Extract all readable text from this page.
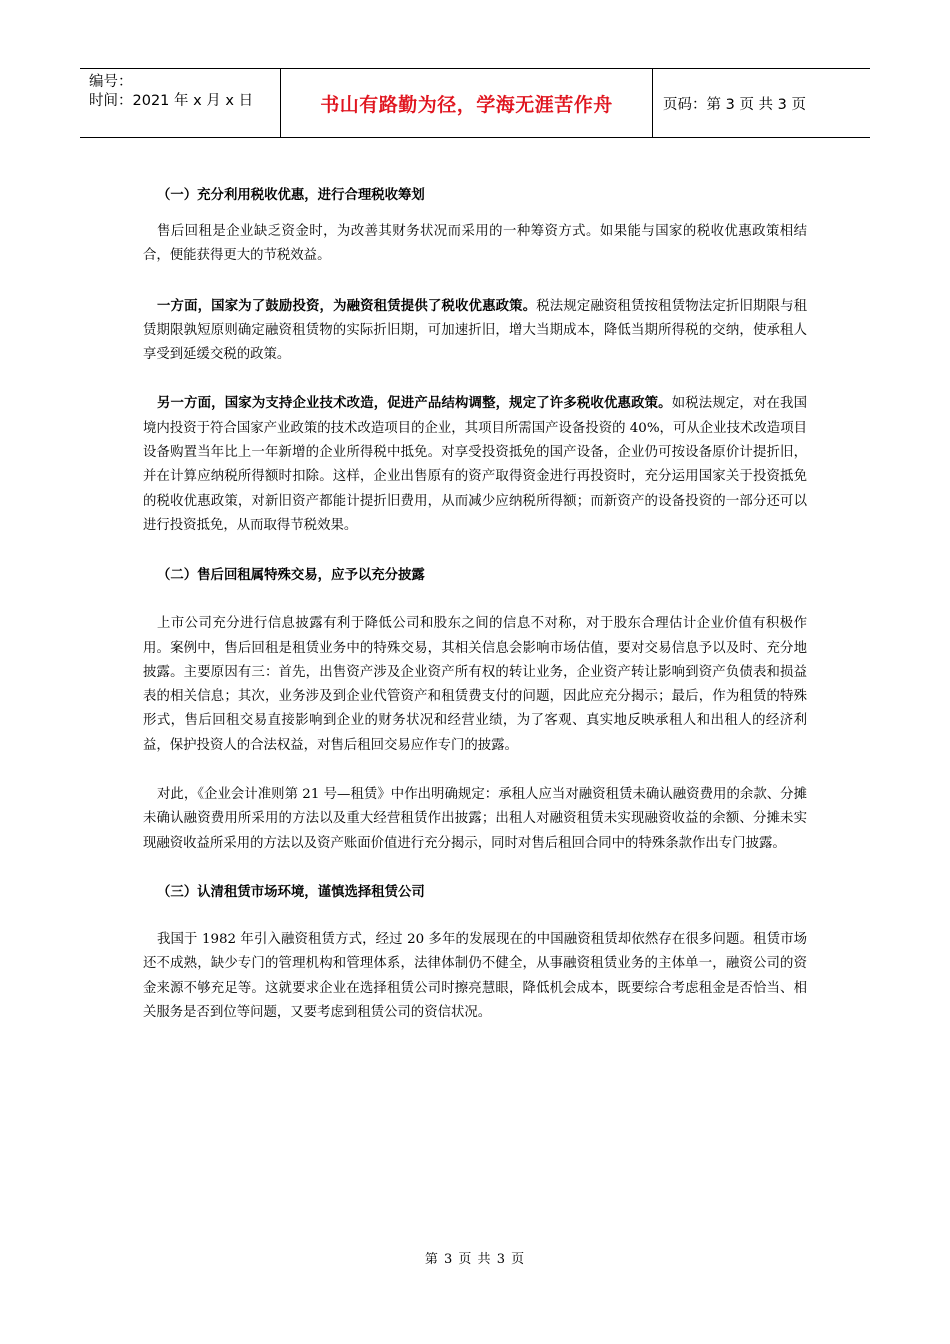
编号：
时间：2021 年 x 月 x 日	书山有路勤为径，学海无涯苦作舟	页码：第 3 页 共 3 页

（一）充分利用税收优惠，进行合理税收筹划

售后回租是企业缺乏资金时，为改善其财务状况而采用的一种筹资方式。如果能与国家的税收优惠政策相结合，便能获得更大的节税效益。

一方面，国家为了鼓励投资，为融资租赁提供了税收优惠政策。税法规定融资租赁按租赁物法定折旧期限与租赁期限孰短原则确定融资租赁物的实际折旧期，可加速折旧，增大当期成本，降低当期所得税的交纳，使承租人享受到延缓交税的政策。

另一方面，国家为支持企业技术改造，促进产品结构调整，规定了许多税收优惠政策。如税法规定，对在我国境内投资于符合国家产业政策的技术改造项目的企业，其项目所需国产设备投资的 40%，可从企业技术改造项目设备购置当年比上一年新增的企业所得税中抵免。对享受投资抵免的国产设备，企业仍可按设备原价计提折旧，并在计算应纳税所得额时扣除。这样，企业出售原有的资产取得资金进行再投资时，充分运用国家关于投资抵免的税收优惠政策，对新旧资产都能计提折旧费用，从而减少应纳税所得额；而新资产的设备投资的一部分还可以进行投资抵免，从而取得节税效果。

（二）售后回租属特殊交易，应予以充分披露

上市公司充分进行信息披露有利于降低公司和股东之间的信息不对称，对于股东合理估计企业价值有积极作用。案例中，售后回租是租赁业务中的特殊交易，其相关信息会影响市场估值，要对交易信息予以及时、充分地披露。主要原因有三：首先，出售资产涉及企业资产所有权的转让业务，企业资产转让影响到资产负债表和损益表的相关信息；其次，业务涉及到企业代管资产和租赁费支付的问题，因此应充分揭示；最后，作为租赁的特殊形式，售后回租交易直接影响到企业的财务状况和经营业绩，为了客观、真实地反映承租人和出租人的经济利益，保护投资人的合法权益，对售后租回交易应作专门的披露。

对此，《企业会计准则第 21 号—租赁》中作出明确规定：承租人应当对融资租赁未确认融资费用的余款、分摊未确认融资费用所采用的方法以及重大经营租赁作出披露；出租人对融资租赁未实现融资收益的余额、分摊未实现融资收益所采用的方法以及资产账面价值进行充分揭示，同时对售后租回合同中的特殊条款作出专门披露。

（三）认清租赁市场环境，谨慎选择租赁公司

我国于 1982 年引入融资租赁方式，经过 20 多年的发展现在的中国融资租赁却依然存在很多问题。租赁市场还不成熟，缺少专门的管理机构和管理体系，法律体制仍不健全，从事融资租赁业务的主体单一，融资公司的资金来源不够充足等。这就要求企业在选择租赁公司时擦亮慧眼，降低机会成本，既要综合考虑租金是否恰当、相关服务是否到位等问题，又要考虑到租赁公司的资信状况。

第 3 页 共 3 页
